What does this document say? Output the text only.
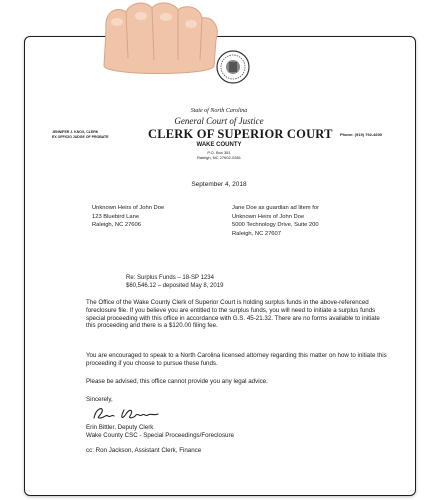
State of North Carolina
General Court of Justice
JENNIFER J. KNOX, CLERK
EX OFFICIO JUDGE OF PROBATE	CLERK OF SUPERIOR COURT Phone: (919) 792-4600
WAKE COUNTY
P.O. Box 351
Raleigh, NC 27602-0351
September 4, 2018
Unknown Heirs of John Doe
123 Bluebird Lane
Raleigh, NC 27606
Jane Doe as guardian ad litem for
Unknown Heirs of John Doe
5000 Technology Drive, Suite 200
Raleigh, NC 27607
Re: Surplus Funds – 18-SP 1234
$60,546.12 – deposited May 8, 2019
The Office of the Wake County Clerk of Superior Court is holding surplus funds in the above-referenced foreclosure file. If you believe you are entitled to the surplus funds, you will need to initiate a surplus funds special proceeding with this office in accordance with G.S. 45-21.32. There are no forms available to initiate this proceeding and there is a $120.00 filing fee.
You are encouraged to speak to a North Carolina licensed attorney regarding this matter on how to initiate this proceeding if you choose to pursue these funds.
Please be advised, this office cannot provide you any legal advice.
Sincerely,
Erin Bittler, Deputy Clerk
Wake County CSC - Special Proceedings/Foreclosure
cc: Ron Jackson, Assistant Clerk, Finance
